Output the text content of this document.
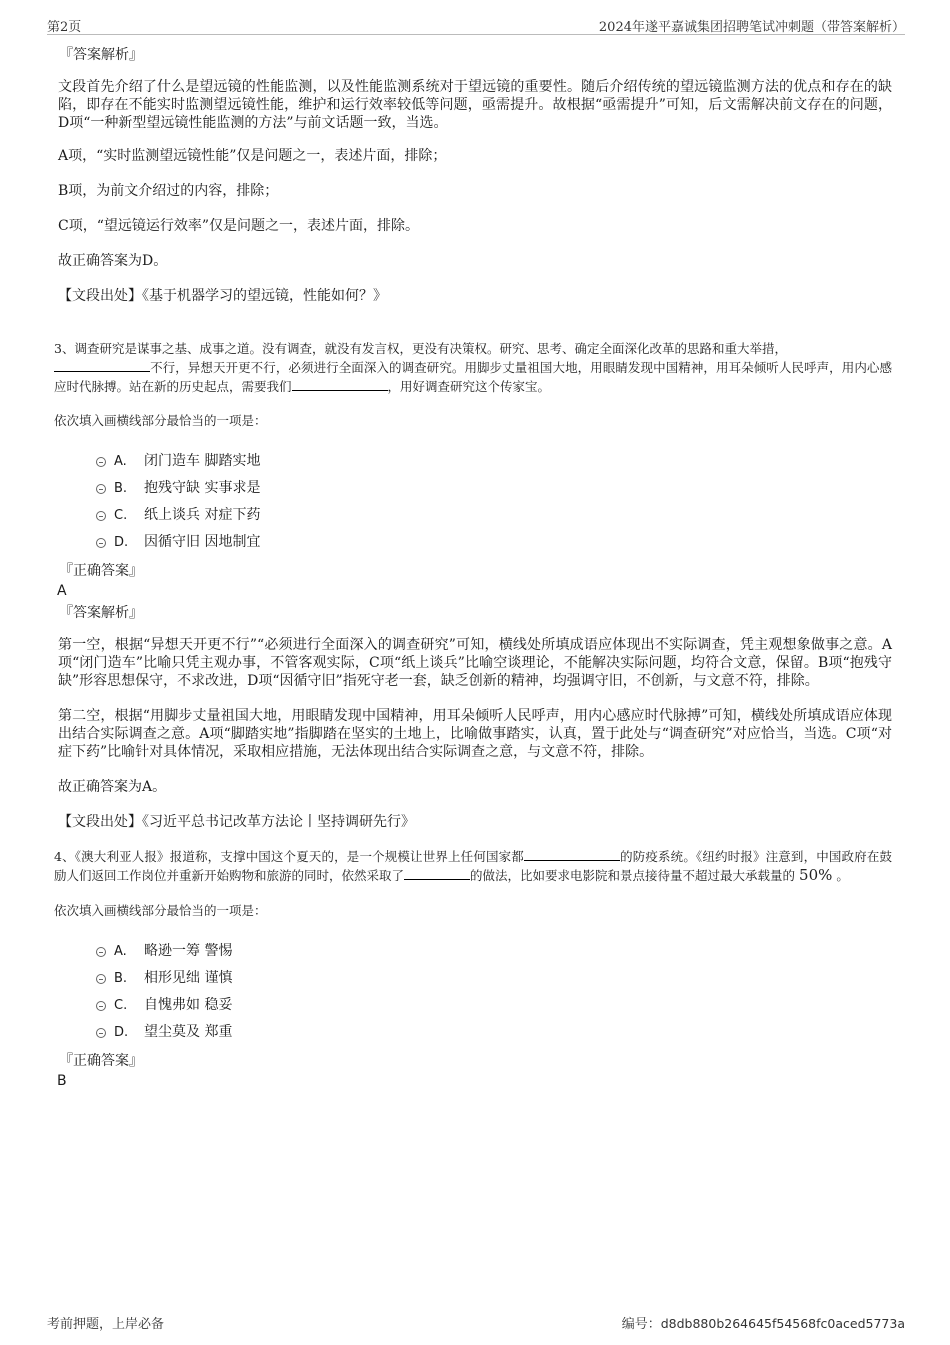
第2页	2024年遂平嘉诚集团招聘笔试冲刺题（带答案解析）
『答案解析』

文段首先介绍了什么是望远镜的性能监测，以及性能监测系统对于望远镜的重要性。随后介绍传统的望远镜监测方法的优点和存在的缺陷，即存在不能实时监测望远镜性能，维护和运行效率较低等问题，亟需提升。故根据“亟需提升”可知，后文需解决前文存在的问题，D项“一种新型望远镜性能监测的方法”与前文话题一致，当选。

A项，“实时监测望远镜性能”仅是问题之一，表述片面，排除；

B项，为前文介绍过的内容，排除；

C项，“望远镜运行效率”仅是问题之一，表述片面，排除。

故正确答案为D。

【文段出处】《基于机器学习的望远镜，性能如何？》

3、调查研究是谋事之基、成事之道。没有调查，就没有发言权，更没有决策权。研究、思考、确定全面深化改革的思路和重大举措，
不行，异想天开更不行，必须进行全面深入的调查研究。用脚步丈量祖国大地，用眼睛发现中国精神，用耳朵倾听人民呼声，用内心感应时代脉搏。站在新的历史起点，需要我们	，用好调查研究这个传家宝。

依次填入画横线部分最恰当的一项是：

A. 闭门造车 脚踏实地
B. 抱残守缺 实事求是
C. 纸上谈兵 对症下药
D. 因循守旧 因地制宜
『正确答案』
A
『答案解析』

第一空，根据“异想天开更不行”“必须进行全面深入的调查研究”可知，横线处所填成语应体现出不实际调查，凭主观想象做事之意。A项“闭门造车”比喻只凭主观办事，不管客观实际，C项“纸上谈兵”比喻空谈理论，不能解决实际问题，均符合文意，保留。B项“抱残守缺”形容思想保守，不求改进，D项“因循守旧”指死守老一套，缺乏创新的精神，均强调守旧，不创新，与文意不符，排除。

第二空，根据“用脚步丈量祖国大地，用眼睛发现中国精神，用耳朵倾听人民呼声，用内心感应时代脉搏”可知，横线处所填成语应体现出结合实际调查之意。A项“脚踏实地”指脚踏在坚实的土地上，比喻做事踏实，认真，置于此处与“调查研究”对应恰当，当选。C项“对症下药”比喻针对具体情况，采取相应措施，无法体现出结合实际调查之意，与文意不符，排除。

故正确答案为A。

【文段出处】《习近平总书记改革方法论丨坚持调研先行》

4、《澳大利亚人报》报道称，支撑中国这个夏天的，是一个规模让世界上任何国家都	的防疫系统。《纽约时报》注意到，中国政府在鼓励人们返回工作岗位并重新开始购物和旅游的同时，依然采取了	的做法，比如要求电影院和景点接待量不超过最大承载量的 50% 。

依次填入画横线部分最恰当的一项是：

A. 略逊一筹 警惕
B. 相形见绌 谨慎
C. 自愧弗如 稳妥
D. 望尘莫及 郑重
『正确答案』
B
考前押题，上岸必备	编号：d8db880b264645f54568fc0aced5773a
